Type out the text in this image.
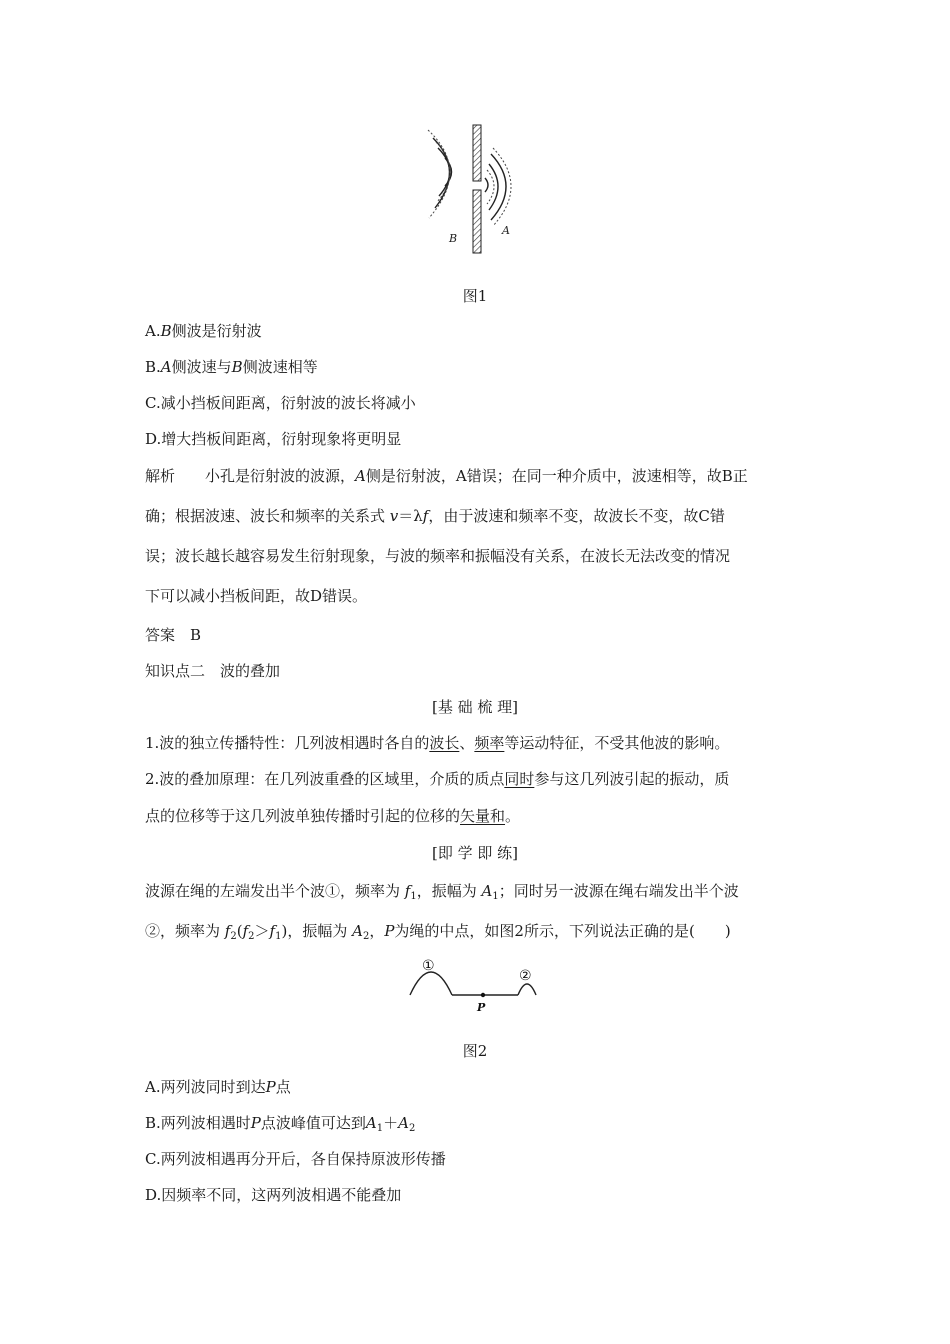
B
A
图1
A.B侧波是衍射波
B.A侧波速与B侧波速相等
C.减小挡板间距离，衍射波的波长将减小
D.增大挡板间距离，衍射现象将更明显
解析　　 小孔是衍射波的波源，A侧是衍射波，A错误；在同一种介质中，波速相等，故B正
确；根据波速、波长和频率的关系式 v＝λf，由于波速和频率不变，故波长不变，故C错
误；波长越长越容易发生衍射现象，与波的频率和振幅没有关系，在波长无法改变的情况
下可以减小挡板间距，故D错误。
答案　 B
知识点二　波的叠加
[基 础 梳 理]
1.波的独立传播特性：几列波相遇时各自的波长、频率等运动特征，不受其他波的影响。
2.波的叠加原理：在几列波重叠的区域里，介质的质点同时参与这几列波引起的振动，质
点的位移等于这几列波单独传播时引起的位移的矢量和。
[即 学 即 练]
波源在绳的左端发出半个波①，频率为 $f_1$，振幅为 $A_1$；同时另一波源在绳右端发出半个波
②，频率为 $f_2(f_2>f_1)$，振幅为 $A_2$，P为绳的中点，如图2所示，下列说法正确的是(　　)
①
②
P
图2
A.两列波同时到达P点
B.两列波相遇时P点波峰值可达到$A_1+A_2$
C.两列波相遇再分开后，各自保持原波形传播
D.因频率不同，这两列波相遇不能叠加
